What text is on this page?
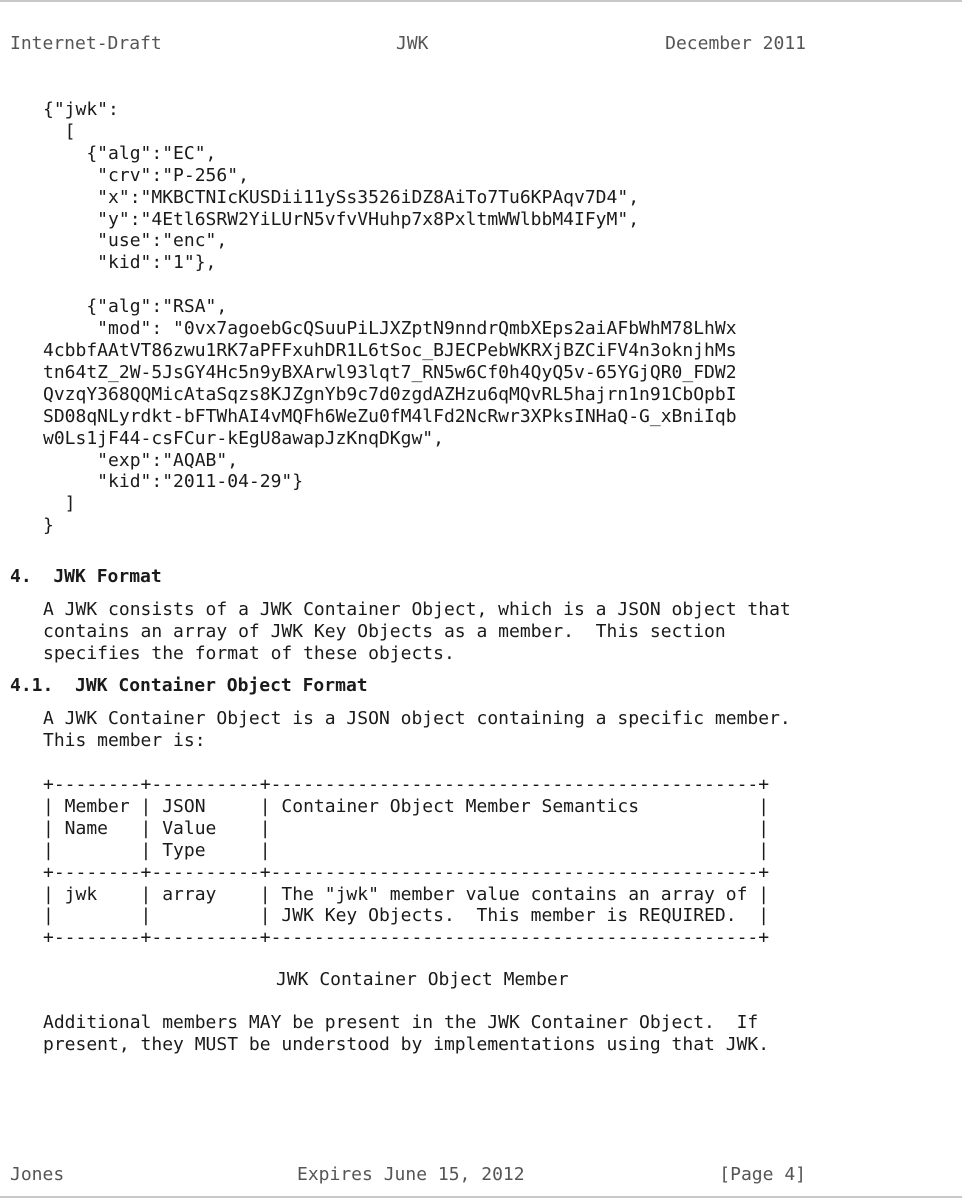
Internet-Draft	JWK	December 2011
{"jwk":
[
{"alg":"EC",
"crv":"P-256",
"x":"MKBCTNIcKUSDii11ySs3526iDZ8AiTo7Tu6KPAqv7D4",
"y":"4Etl6SRW2YiLUrN5vfvVHuhp7x8PxltmWWlbbM4IFyM",
"use":"enc",
"kid":"1"},

{"alg":"RSA",
"mod": "0vx7agoebGcQSuuPiLJXZptN9nndrQmbXEps2aiAFbWhM78LhWx
4cbbfAAtVT86zwu1RK7aPFFxuhDR1L6tSoc_BJECPebWKRXjBZCiFV4n3oknjhMs
tn64tZ_2W-5JsGY4Hc5n9yBXArwl93lqt7_RN5w6Cf0h4QyQ5v-65YGjQR0_FDW2
QvzqY368QQMicAtaSqzs8KJZgnYb9c7d0zgdAZHzu6qMQvRL5hajrn1n91CbOpbI
SD08qNLyrdkt-bFTWhAI4vMQFh6WeZu0fM4lFd2NcRwr3XPksINHaQ-G_xBniIqb
w0Ls1jF44-csFCur-kEgU8awapJzKnqDKgw",
"exp":"AQAB",
"kid":"2011-04-29"}
]
}
4.  JWK Format
A JWK consists of a JWK Container Object, which is a JSON object that
contains an array of JWK Key Objects as a member.  This section
specifies the format of these objects.
4.1.  JWK Container Object Format
A JWK Container Object is a JSON object containing a specific member.
This member is:
+--------+----------+---------------------------------------------+
| Member | JSON     | Container Object Member Semantics           |
| Name   | Value    |                                             |
|        | Type     |                                             |
+--------+----------+---------------------------------------------+
| jwk    | array    | The "jwk" member value contains an array of |
|        |          | JWK Key Objects.  This member is REQUIRED.  |
+--------+----------+---------------------------------------------+
JWK Container Object Member
Additional members MAY be present in the JWK Container Object.  If
present, they MUST be understood by implementations using that JWK.
Jones	Expires June 15, 2012	[Page 4]
